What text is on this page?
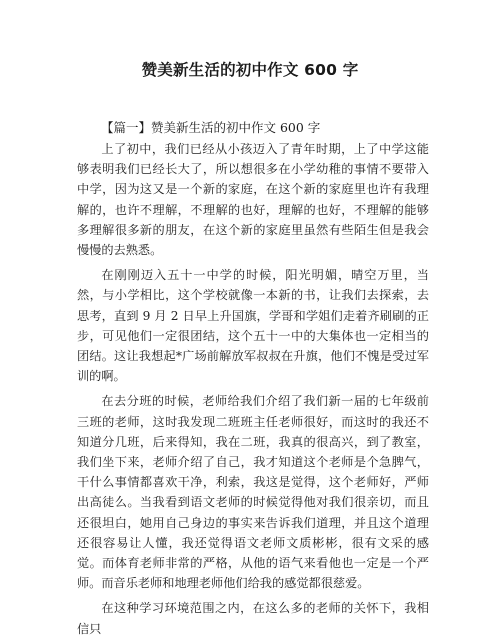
赞美新生活的初中作文 600 字
【篇一】赞美新生活的初中作文 600 字

上了初中，我们已经从小孩迈入了青年时期，上了中学这能够表明我们已经长大了，所以想很多在小学幼稚的事情不要带入中学，因为这又是一个新的家庭，在这个新的家庭里也许有我理解的，也许不理解，不理解的也好，理解的也好，不理解的能够多理解很多新的朋友，在这个新的家庭里虽然有些陌生但是我会慢慢的去熟悉。

在刚刚迈入五十一中学的时候，阳光明媚，晴空万里，当然，与小学相比，这个学校就像一本新的书，让我们去探索，去思考，直到 9 月 2 日早上升国旗，学哥和学姐们走着齐刷刷的正步，可见他们一定很团结，这个五十一中的大集体也一定相当的团结。这让我想起*广场前解放军叔叔在升旗，他们不愧是受过军训的啊。

在去分班的时候，老师给我们介绍了我们新一届的七年级前三班的老师，这时我发现二班班主任老师很好，而这时的我还不知道分几班，后来得知，我在二班，我真的很高兴，到了教室，我们坐下来，老师介绍了自己，我才知道这个老师是个急脾气，干什么事情都喜欢干净，利索，我这是觉得，这个老师好，严师出高徒么。当我看到语文老师的时候觉得他对我们很亲切，而且还很坦白，她用自己身边的事实来告诉我们道理，并且这个道理还很容易让人懂，我还觉得语文老师文质彬彬，很有文采的感觉。而体育老师非常的严格，从他的语气来看他也一定是一个严师。而音乐老师和地理老师他们给我的感觉都很慈爱。

在这种学习环境范围之内，在这么多的老师的关怀下，我相信只
